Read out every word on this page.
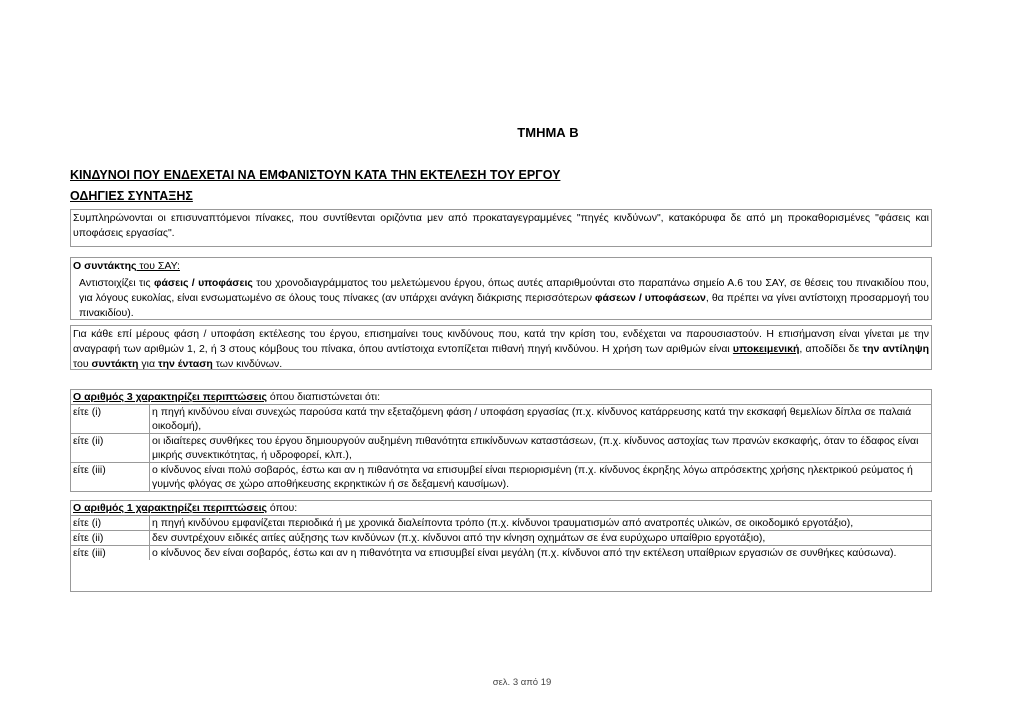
ΤΜΗΜΑ Β
ΚΙΝΔΥΝΟΙ ΠΟΥ ΕΝΔΕΧΕΤΑΙ ΝΑ ΕΜΦΑΝΙΣΤΟΥΝ ΚΑΤΑ ΤΗΝ ΕΚΤΕΛΕΣΗ ΤΟΥ ΕΡΓΟΥ
ΟΔΗΓΙΕΣ ΣΥΝΤΑΞΗΣ

Συμπληρώνονται οι επισυναπτόμενοι πίνακες, που συντίθενται οριζόντια μεν από προκαταγεγραμμένες "πηγές κινδύνων", κατακόρυφα δε από μη προκαθορισμένες "φάσεις και υποφάσεις εργασίας".

Ο συντάκτης του ΣΑΥ:

Αντιστοιχίζει τις φάσεις / υποφάσεις του χρονοδιαγράμματος του μελετώμενου έργου, όπως αυτές απαριθμούνται στο παραπάνω σημείο Α.6 του ΣΑΥ, σε θέσεις του πινακιδίου που, για λόγους ευκολίας, είναι ενσωματωμένο σε όλους τους πίνακες (αν υπάρχει ανάγκη διάκρισης περισσότερων φάσεων / υποφάσεων, θα πρέπει να γίνει αντίστοιχη προσαρμογή του πινακιδίου).

Για κάθε επί μέρους φάση / υποφάση εκτέλεσης του έργου, επισημαίνει τους κινδύνους που, κατά την κρίση του, ενδέχεται να παρουσιαστούν. Η επισήμανση είναι γίνεται με την αναγραφή των αριθμών 1, 2, ή 3 στους κόμβους του πίνακα, όπου αντίστοιχα εντοπίζεται πιθανή πηγή κινδύνου. Η χρήση των αριθμών είναι υποκειμενική, αποδίδει δε την αντίληψη του συντάκτη για την ένταση των κινδύνων.

Ο αριθμός 3 χαρακτηρίζει περιπτώσεις όπου διαπιστώνεται ότι:	
είτε (i)	η πηγή κινδύνου είναι συνεχώς παρούσα κατά την εξεταζόμενη φάση / υποφάση εργασίας (π.χ. κίνδυνος κατάρρευσης κατά την εκσκαφή θεμελίων δίπλα σε παλαιά οικοδομή),
είτε (ii)	οι ιδιαίτερες συνθήκες του έργου δημιουργούν αυξημένη πιθανότητα επικίνδυνων καταστάσεων, (π.χ. κίνδυνος αστοχίας των πρανών εκσκαφής, όταν το έδαφος είναι μικρής συνεκτικότητας, ή υδροφορεί, κλπ.),
είτε (iii)	ο κίνδυνος είναι πολύ σοβαρός, έστω και αν η πιθανότητα να επισυμβεί είναι περιορισμένη (π.χ. κίνδυνος έκρηξης λόγω απρόσεκτης χρήσης ηλεκτρικού ρεύματος ή γυμνής φλόγας σε χώρο αποθήκευσης εκρηκτικών ή σε δεξαμενή καυσίμων).
Ο αριθμός 1 χαρακτηρίζει περιπτώσεις όπου:	
είτε (i)	η πηγή κινδύνου εμφανίζεται περιοδικά ή με χρονικά διαλείποντα τρόπο (π.χ. κίνδυνοι τραυματισμών από ανατροπές υλικών, σε οικοδομικό εργοτάξιο),
είτε (ii)	δεν συντρέχουν ειδικές αιτίες αύξησης των κινδύνων (π.χ. κίνδυνοι από την κίνηση οχημάτων σε ένα ευρύχωρο υπαίθριο εργοτάξιο),
είτε (iii)	ο κίνδυνος δεν είναι σοβαρός, έστω και αν η πιθανότητα να επισυμβεί είναι μεγάλη (π.χ. κίνδυνοι από την εκτέλεση υπαίθριων εργασιών σε συνθήκες καύσωνα).
σελ. 3 από 19
